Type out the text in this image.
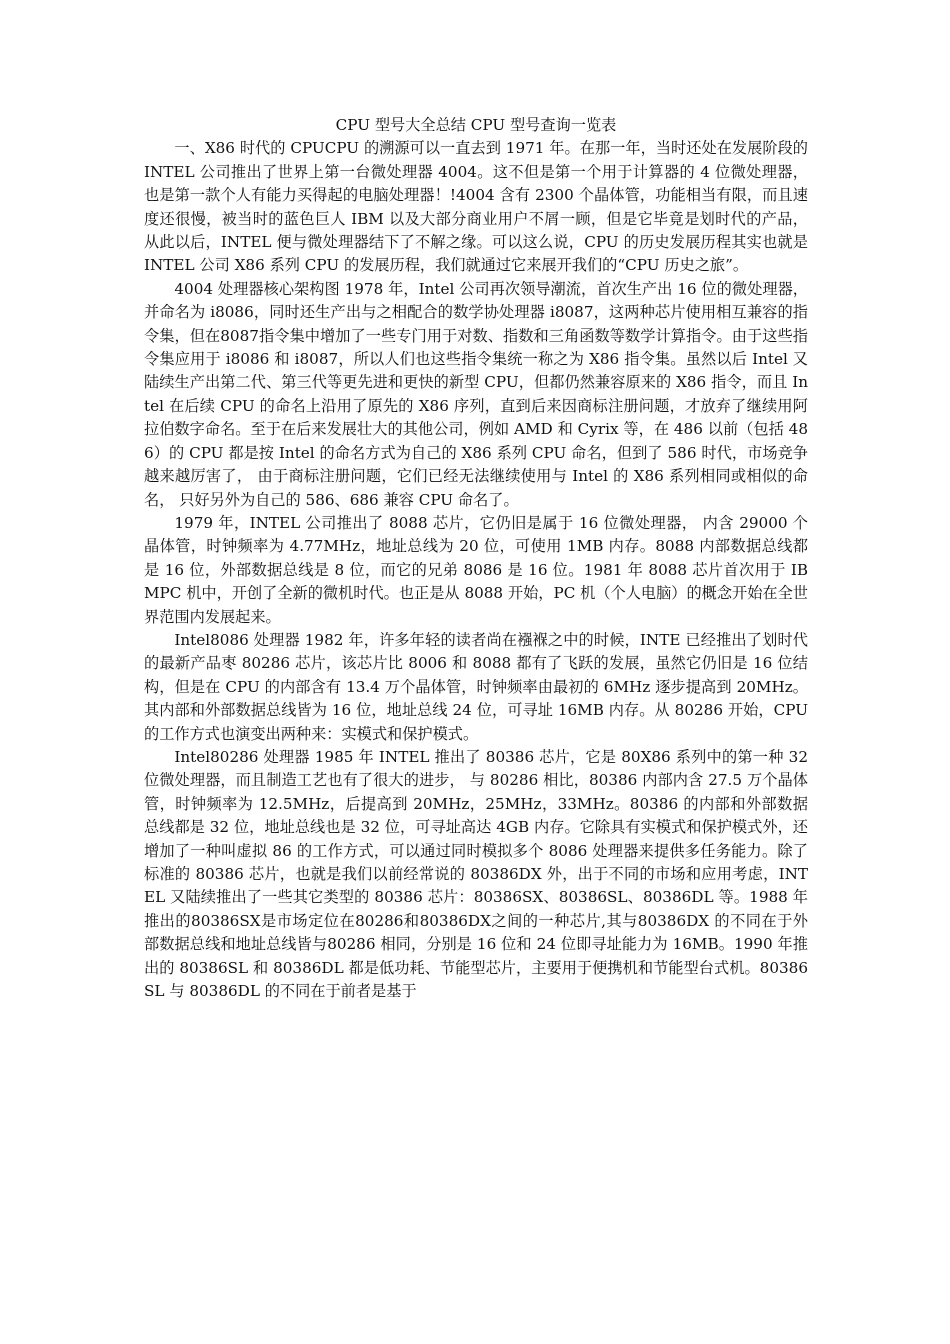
CPU 型号大全总结 CPU 型号查询一览表

一、X86 时代的 CPUCPU 的溯源可以一直去到 1971 年。在那一年，当时还处在发展阶段的 INTEL 公司推出了世界上第一台微处理器 4004。这不但是第一个用于计算器的 4 位微处理器，也是第一款个人有能力买得起的电脑处理器！!4004 含有 2300 个晶体管，功能相当有限，而且速度还很慢，被当时的蓝色巨人 IBM 以及大部分商业用户不屑一顾，但是它毕竟是划时代的产品，从此以后，INTEL 便与微处理器结下了不解之缘。可以这么说，CPU 的历史发展历程其实也就是 INTEL 公司 X86 系列 CPU 的发展历程，我们就通过它来展开我们的“CPU 历史之旅”。

4004 处理器核心架构图 1978 年，Intel 公司再次领导潮流，首次生产出 16 位的微处理器，并命名为 i8086，同时还生产出与之相配合的数学协处理器 i8087，这两种芯片使用相互兼容的指令集，但在8087指令集中增加了一些专门用于对数、指数和三角函数等数学计算指令。由于这些指令集应用于 i8086 和 i8087，所以人们也这些指令集统一称之为 X86 指令集。虽然以后 Intel 又陆续生产出第二代、第三代等更先进和更快的新型 CPU，但都仍然兼容原来的 X86 指令，而且 Intel 在后续 CPU 的命名上沿用了原先的 X86 序列，直到后来因商标注册问题，才放弃了继续用阿拉伯数字命名。至于在后来发展壮大的其他公司，例如 AMD 和 Cyrix 等，在 486 以前（包括 486）的 CPU 都是按 Intel 的命名方式为自己的 X86 系列 CPU 命名，但到了 586 时代，市场竞争越来越厉害了， 由于商标注册问题，它们已经无法继续使用与 Intel 的 X86 系列相同或相似的命名， 只好另外为自己的 586、686 兼容 CPU 命名了。

1979 年，INTEL 公司推出了 8088 芯片，它仍旧是属于 16 位微处理器， 内含 29000 个晶体管，时钟频率为 4.77MHz，地址总线为 20 位，可使用 1MB 内存。8088 内部数据总线都是 16 位，外部数据总线是 8 位，而它的兄弟 8086 是 16 位。1981 年 8088 芯片首次用于 IBMPC 机中，开创了全新的微机时代。也正是从 8088 开始，PC 机（个人电脑）的概念开始在全世界范围内发展起来。

Intel8086 处理器 1982 年，许多年轻的读者尚在襁褓之中的时候，INTE 已经推出了划时代的最新产品枣 80286 芯片，该芯片比 8006 和 8088 都有了飞跃的发展，虽然它仍旧是 16 位结构，但是在 CPU 的内部含有 13.4 万个晶体管，时钟频率由最初的 6MHz 逐步提高到 20MHz。其内部和外部数据总线皆为 16 位，地址总线 24 位，可寻址 16MB 内存。从 80286 开始，CPU 的工作方式也演变出两种来：实模式和保护模式。

Intel80286 处理器 1985 年 INTEL 推出了 80386 芯片，它是 80X86 系列中的第一种 32 位微处理器，而且制造工艺也有了很大的进步， 与 80286 相比，80386 内部内含 27.5 万个晶体管，时钟频率为 12.5MHz，后提高到 20MHz，25MHz，33MHz。80386 的内部和外部数据总线都是 32 位，地址总线也是 32 位，可寻址高达 4GB 内存。它除具有实模式和保护模式外，还增加了一种叫虚拟 86 的工作方式，可以通过同时模拟多个 8086 处理器来提供多任务能力。除了标准的 80386 芯片，也就是我们以前经常说的 80386DX 外，出于不同的市场和应用考虑，INTEL 又陆续推出了一些其它类型的 80386 芯片：80386SX、80386SL、80386DL 等。1988 年推出的80386SX是市场定位在80286和80386DX之间的一种芯片,其与80386DX 的不同在于外部数据总线和地址总线皆与80286 相同，分别是 16 位和 24 位即寻址能力为 16MB。1990 年推出的 80386SL 和 80386DL 都是低功耗、节能型芯片，主要用于便携机和节能型台式机。80386SL 与 80386DL 的不同在于前者是基于
